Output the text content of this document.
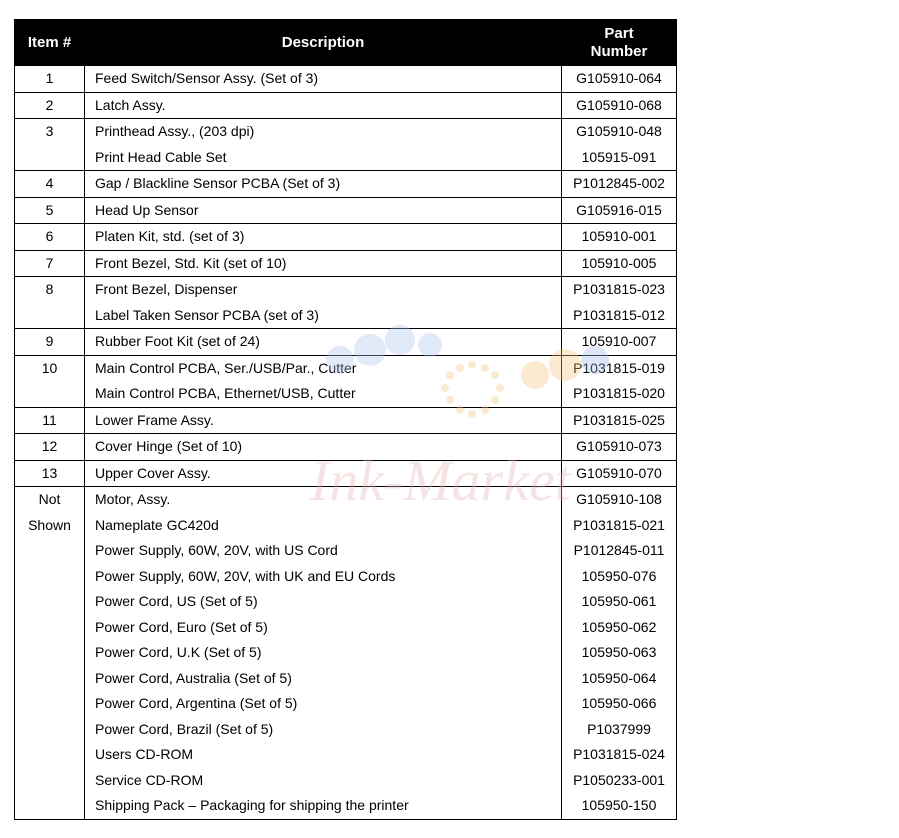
Item #	Description	Part
Number
1	Feed Switch/Sensor Assy. (Set of 3)	G105910-064
2	Latch Assy.	G105910-068
3	Printhead Assy., (203 dpi)	G105910-048
	Print Head Cable Set	105915-091
4	Gap / Blackline Sensor PCBA (Set of 3)	P1012845-002
5	Head Up Sensor	G105916-015
6	Platen Kit, std. (set of 3)	105910-001
7	Front Bezel, Std. Kit (set of 10)	105910-005
8	Front Bezel, Dispenser	P1031815-023
	Label Taken Sensor PCBA (set of 3)	P1031815-012
9	Rubber Foot Kit (set of 24)	105910-007
10	Main Control PCBA, Ser./USB/Par., Cutter	P1031815-019
	Main Control PCBA, Ethernet/USB, Cutter	P1031815-020
11	Lower Frame Assy.	P1031815-025
12	Cover Hinge (Set of 10)	G105910-073
13	Upper Cover Assy.	G105910-070
Not	Motor, Assy.	G105910-108
Shown	Nameplate GC420d	P1031815-021
	Power Supply, 60W, 20V, with US Cord	P1012845-011
	Power Supply, 60W, 20V, with UK and EU Cords	105950-076
	Power Cord, US (Set of 5)	105950-061
	Power Cord, Euro (Set of 5)	105950-062
	Power Cord, U.K (Set of 5)	105950-063
	Power Cord, Australia (Set of 5)	105950-064
	Power Cord, Argentina (Set of 5)	105950-066
	Power Cord, Brazil (Set of 5)	P1037999
	Users CD-ROM	P1031815-024
	Service CD-ROM	P1050233-001
	Shipping Pack – Packaging for shipping the printer	105950-150
Ink-Market
